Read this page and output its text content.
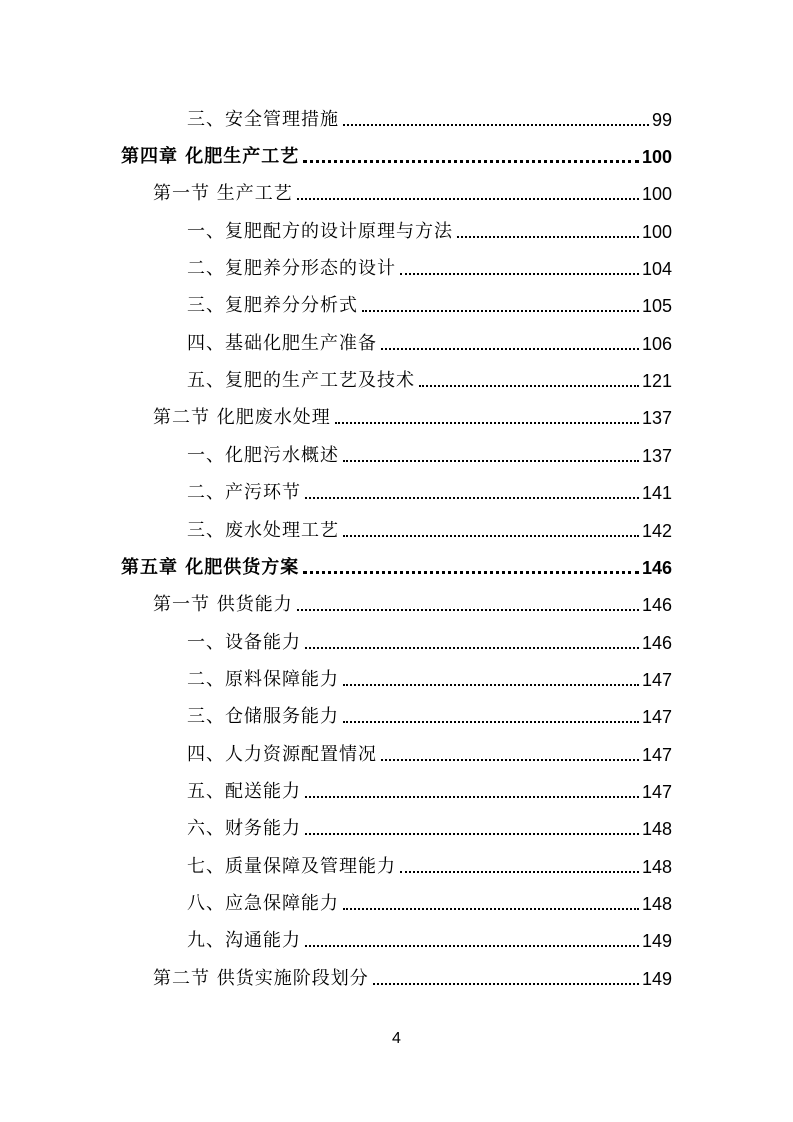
三、安全管理措施	99
第四章 化肥生产工艺	100
第一节 生产工艺	100
一、复肥配方的设计原理与方法	100
二、复肥养分形态的设计	104
三、复肥养分分析式	105
四、基础化肥生产准备	106
五、复肥的生产工艺及技术	121
第二节 化肥废水处理	137
一、化肥污水概述	137
二、产污环节	141
三、废水处理工艺	142
第五章 化肥供货方案	146
第一节 供货能力	146
一、设备能力	146
二、原料保障能力	147
三、仓储服务能力	147
四、人力资源配置情况	147
五、配送能力	147
六、财务能力	148
七、质量保障及管理能力	148
八、应急保障能力	148
九、沟通能力	149
第二节 供货实施阶段划分	149
4
